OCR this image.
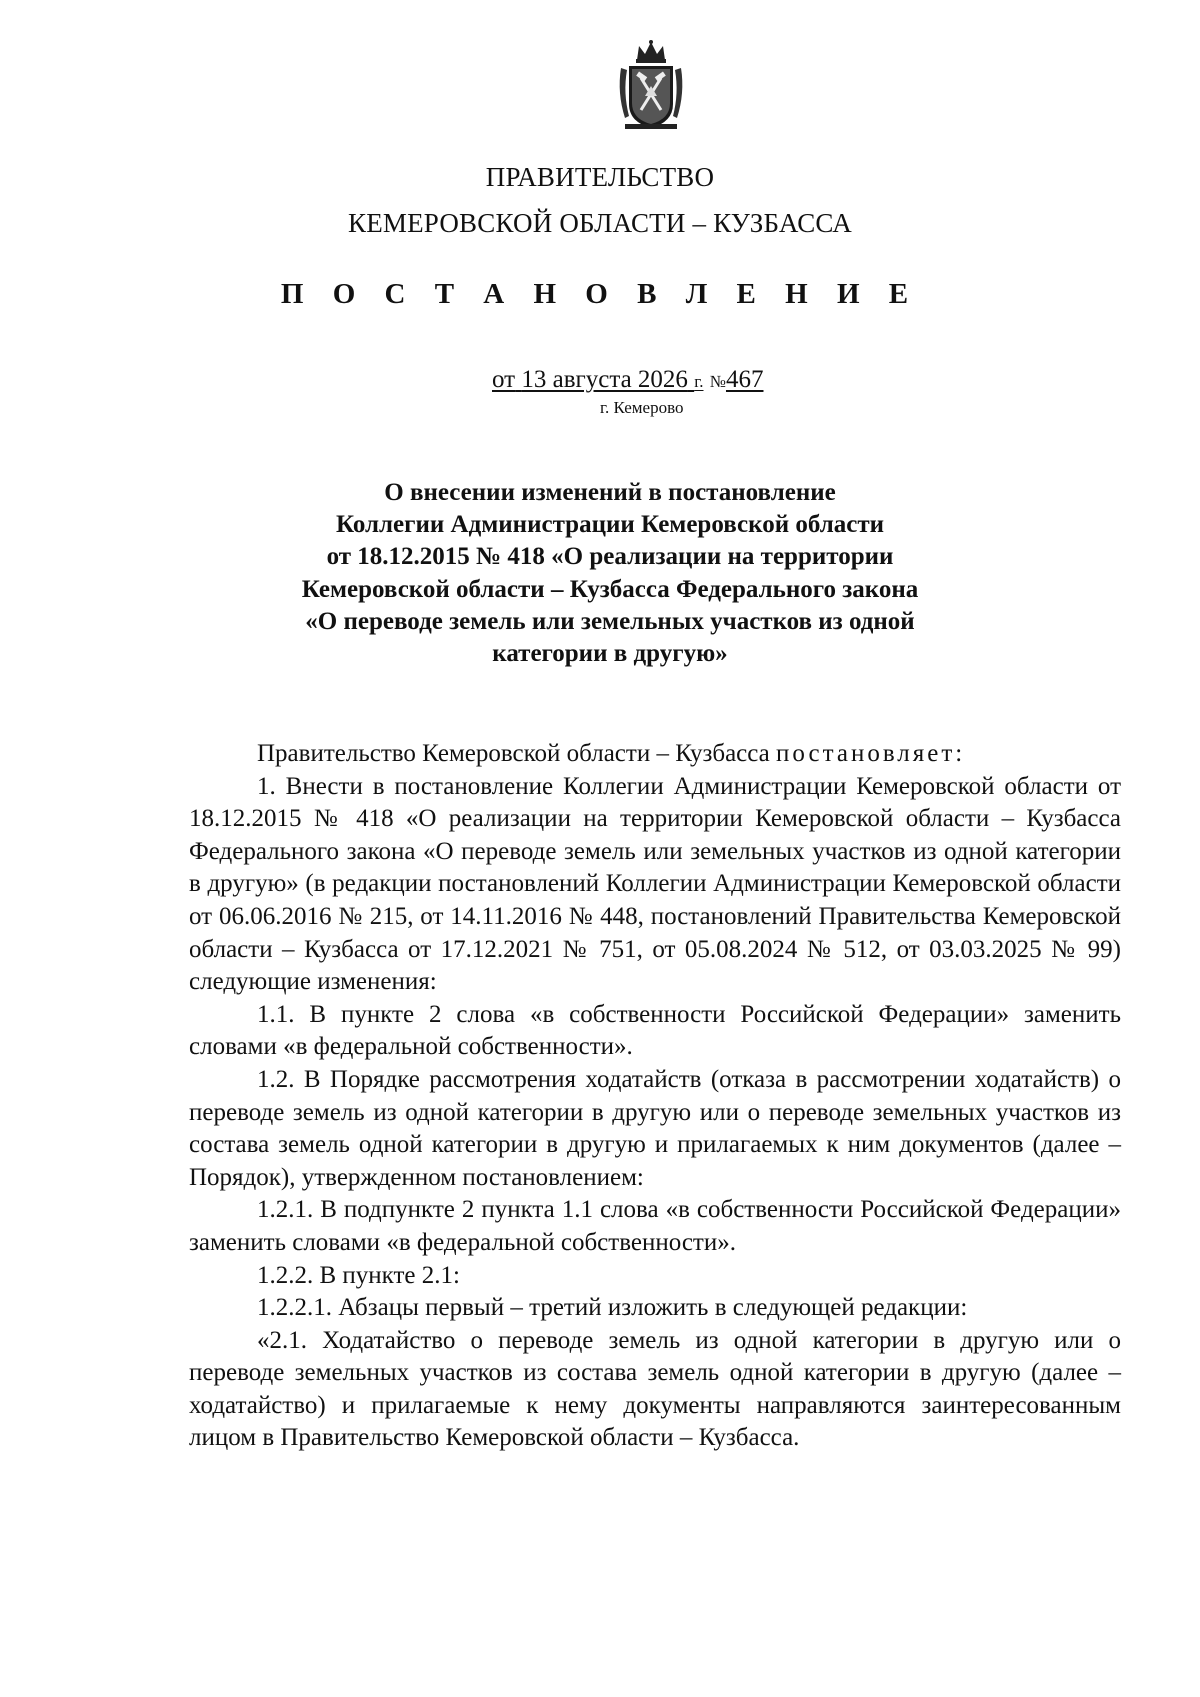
ПРАВИТЕЛЬСТВО
КЕМЕРОВСКОЙ ОБЛАСТИ – КУЗБАССА
П О С Т А Н О В Л Е Н И Е
от 13 августа 2026 г. №467
г. Кемерово
О внесении изменений в постановление
Коллегии Администрации Кемеровской области
от 18.12.2015 № 418 «О реализации на территории
Кемеровской области – Кузбасса Федерального закона
«О переводе земель или земельных участков из одной
категории в другую»

Правительство Кемеровской области – Кузбасса постановляет:

1. Внести в постановление Коллегии Администрации Кемеровской области от 18.12.2015 № 418 «О реализации на территории Кемеровской области – Кузбасса Федерального закона «О переводе земель или земельных участков из одной категории в другую» (в редакции постановлений Коллегии Администрации Кемеровской области от 06.06.2016 № 215, от 14.11.2016 № 448, постановлений Правительства Кемеровской области – Кузбасса от 17.12.2021 № 751, от 05.08.2024 № 512, от 03.03.2025 № 99) следующие изменения:

1.1. В пункте 2 слова «в собственности Российской Федерации» заменить словами «в федеральной собственности».

1.2. В Порядке рассмотрения ходатайств (отказа в рассмотрении ходатайств) о переводе земель из одной категории в другую или о переводе земельных участков из состава земель одной категории в другую и прилагаемых к ним документов (далее – Порядок), утвержденном постановлением:

1.2.1. В подпункте 2 пункта 1.1 слова «в собственности Российской Федерации» заменить словами «в федеральной собственности».

1.2.2. В пункте 2.1:

1.2.2.1. Абзацы первый – третий изложить в следующей редакции:

«2.1. Ходатайство о переводе земель из одной категории в другую или о переводе земельных участков из состава земель одной категории в другую (далее – ходатайство) и прилагаемые к нему документы направляются заинтересованным лицом в Правительство Кемеровской области – Кузбасса.
